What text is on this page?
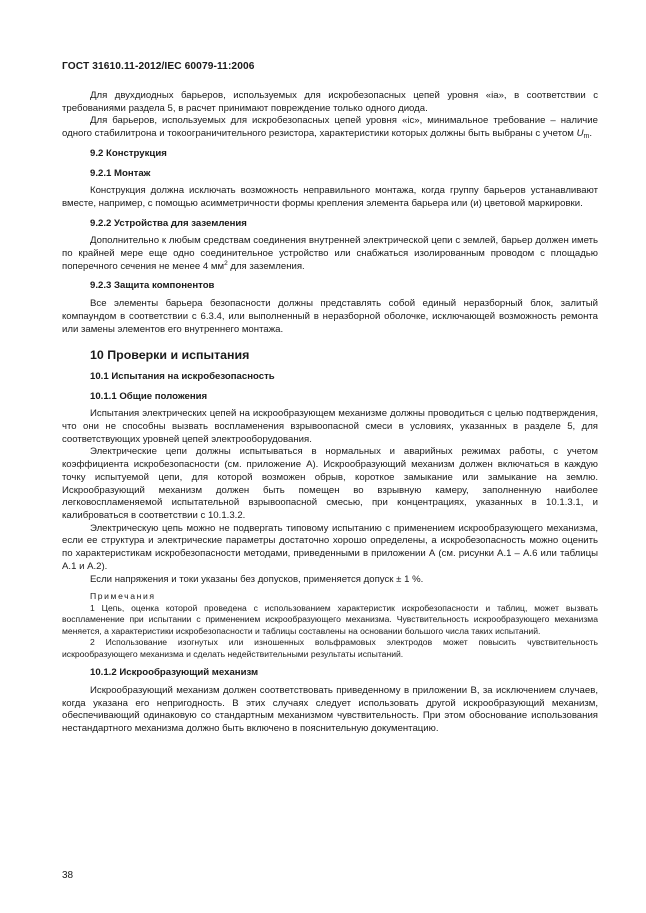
ГОСТ 31610.11-2012/IEC 60079-11:2006

Для двухдиодных барьеров, используемых для искробезопасных цепей уровня «ia», в соответствии с требованиями раздела 5, в расчет принимают повреждение только одного диода.

Для барьеров, используемых для искробезопасных цепей уровня «ic», минимальное требование – наличие одного стабилитрона и токоограничительного резистора, характеристики которых должны быть выбраны с учетом $U_m$.

9.2 Конструкция

9.2.1 Монтаж

Конструкция должна исключать возможность неправильного монтажа, когда группу барьеров устанавливают вместе, например, с помощью асимметричности формы крепления элемента барьера или (и) цветовой маркировки.

9.2.2 Устройства для заземления

Дополнительно к любым средствам соединения внутренней электрической цепи с землей, барьер должен иметь по крайней мере еще одно соединительное устройство или снабжаться изолированным проводом с площадью поперечного сечения не менее 4 $мм^2$ для заземления.

9.2.3 Защита компонентов

Все элементы барьера безопасности должны представлять собой единый неразборный блок, залитый компаундом в соответствии с 6.3.4, или выполненный в неразборной оболочке, исключающей возможность ремонта или замены элементов его внутреннего монтажа.

10 Проверки и испытания

10.1 Испытания на искробезопасность

10.1.1 Общие положения

Испытания электрических цепей на искрообразующем механизме должны проводиться с целью подтверждения, что они не способны вызвать воспламенения взрывоопасной смеси в условиях, указанных в разделе 5, для соответствующих уровней цепей электрооборудования.

Электрические цепи должны испытываться в нормальных и аварийных режимах работы, с учетом коэффициента искробезопасности (см. приложение А). Искрообразующий механизм должен включаться в каждую точку испытуемой цепи, для которой возможен обрыв, короткое замыкание или замыкание на землю. Искрообразующий механизм должен быть помещен во взрывную камеру, заполненную наиболее легковоспламеняемой испытательной взрывоопасной смесью, при концентрациях, указанных в 10.1.3.1, и калиброваться в соответствии с 10.1.3.2.

Электрическую цепь можно не подвергать типовому испытанию с применением искрообразующего механизма, если ее структура и электрические параметры достаточно хорошо определены, а искробезопасность можно оценить по характеристикам искробезопасности методами, приведенными в приложении А (см. рисунки А.1 – А.6 или таблицы А.1 и А.2).

Если напряжения и токи указаны без допусков, применяется допуск ± 1 %.

Примечания

1 Цепь, оценка которой проведена с использованием характеристик искробезопасности и таблиц, может вызвать воспламенение при испытании с применением искрообразующего механизма. Чувствительность искрообразующего механизма меняется, а характеристики искробезопасности и таблицы составлены на основании большого числа таких испытаний.

2 Использование изогнутых или изношенных вольфрамовых электродов может повысить чувствительность искрообразующего механизма и сделать недействительными результаты испытаний.

10.1.2 Искрообразующий механизм

Искрообразующий механизм должен соответствовать приведенному в приложении В, за исключением случаев, когда указана его непригодность. В этих случаях следует использовать другой искрообразующий механизм, обеспечивающий одинаковую со стандартным механизмом чувствительность. При этом обоснование использования нестандартного механизма должно быть включено в пояснительную документацию.

38
